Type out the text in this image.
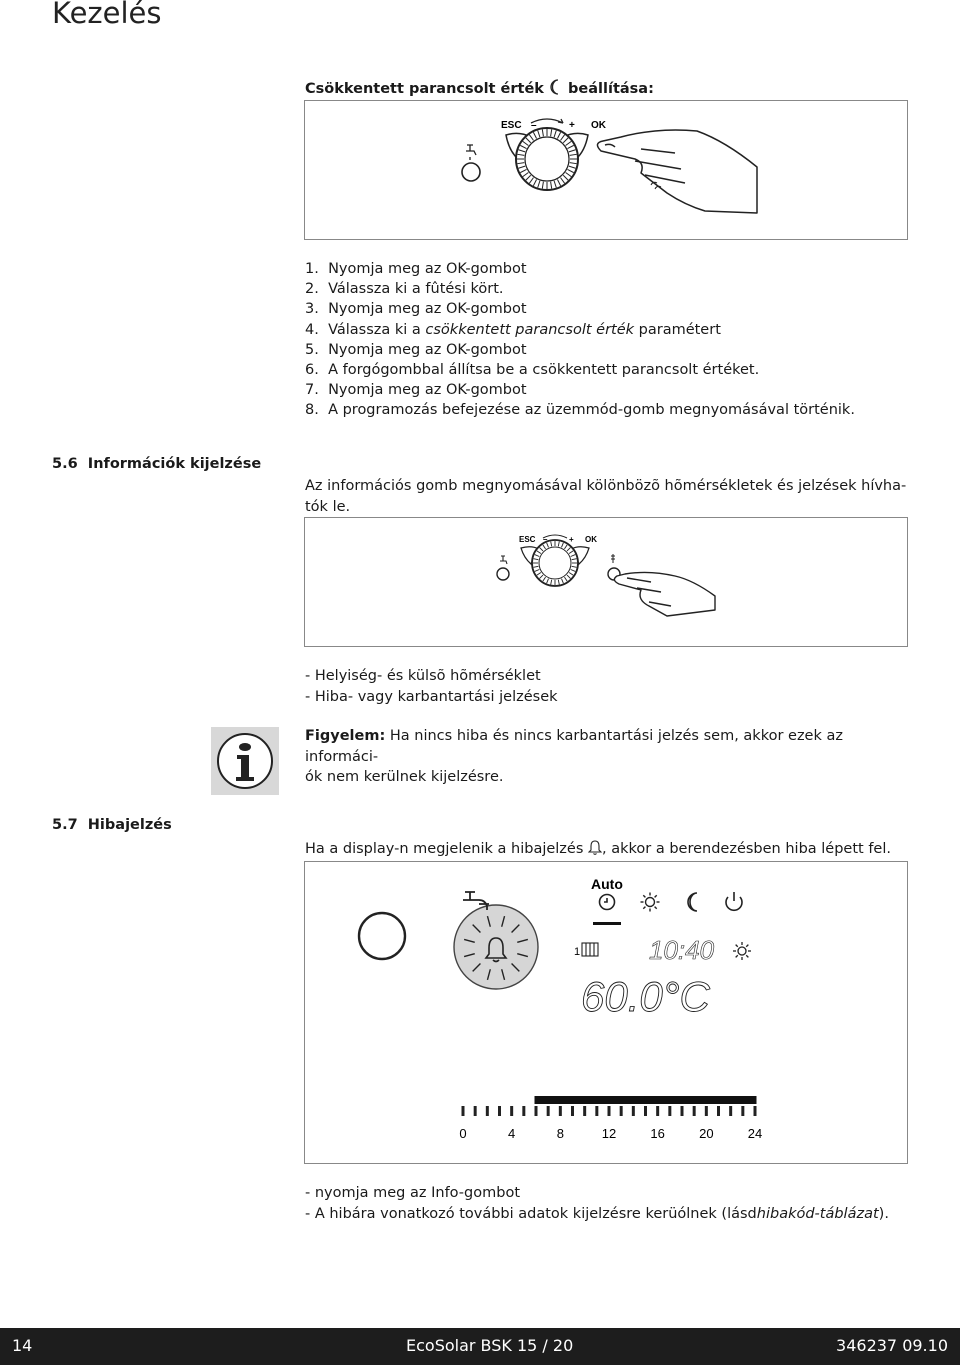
Kezelés
Csökkentett parancsolt érték beállítása:
ESC –	+ OK
1. Nyomja meg az OK-gombot
2. Válassza ki a fûtési kört.
3. Nyomja meg az OK-gombot
4. Válassza ki a csökkentett parancsolt érték paramétert
5. Nyomja meg az OK-gombot
6. A forgógombbal állítsa be a csökkentett parancsolt értéket.
7. Nyomja meg az OK-gombot
8. A programozás befejezése az üzemmód-gomb megnyomásával történik.
5.6 Információk kijelzése
Az információs gomb megnyomásával kölönbözõ hõmérsékletek és jelzések hívha-
tók le.
ESC –	+ OK
- Helyiség- és külsõ hõmérséklet
- Hiba- vagy karbantartási jelzések
Figyelem: Ha nincs hiba és nincs karbantartási jelzés sem, akkor ezek az informáci-
ók nem kerülnek kijelzésre.
5.7 Hibajelzés
Ha a display-n megjelenik a hibajelzés , akkor a berendezésben hiba lépett fel.
Auto
1	10:40
60.0°C
0	4	8	12	16	20	24
- nyomja meg az Info-gombot
- A hibára vonatkozó további adatok kijelzésre kerüólnek (lásdhibakód-táblázat).
14	EcoSolar BSK 15 / 20	346237 09.10
